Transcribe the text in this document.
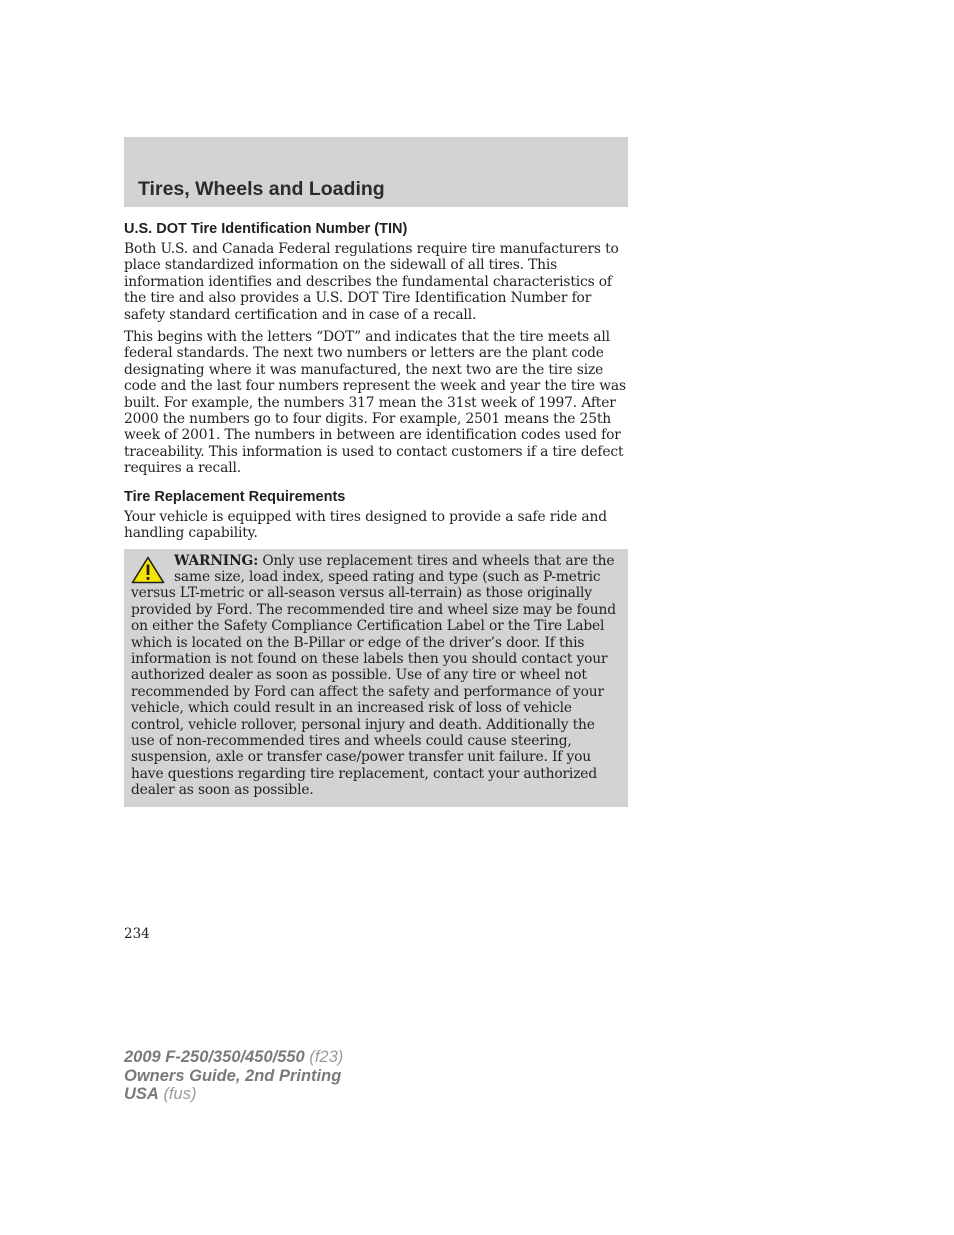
Tires, Wheels and Loading
U.S. DOT Tire Identification Number (TIN)

Both U.S. and Canada Federal regulations require tire manufacturers to place standardized information on the sidewall of all tires. This information identifies and describes the fundamental characteristics of the tire and also provides a U.S. DOT Tire Identification Number for safety standard certification and in case of a recall.

This begins with the letters “DOT” and indicates that the tire meets all federal standards. The next two numbers or letters are the plant code designating where it was manufactured, the next two are the tire size code and the last four numbers represent the week and year the tire was built. For example, the numbers 317 mean the 31st week of 1997. After 2000 the numbers go to four digits. For example, 2501 means the 25th week of 2001. The numbers in between are identification codes used for traceability. This information is used to contact customers if a tire defect requires a recall.

Tire Replacement Requirements

Your vehicle is equipped with tires designed to provide a safe ride and handling capability.

WARNING: Only use replacement tires and wheels that are the same size, load index, speed rating and type (such as P-metric versus LT-metric or all-season versus all-terrain) as those originally provided by Ford. The recommended tire and wheel size may be found on either the Safety Compliance Certification Label or the Tire Label which is located on the B-Pillar or edge of the driver’s door. If this information is not found on these labels then you should contact your authorized dealer as soon as possible. Use of any tire or wheel not recommended by Ford can affect the safety and performance of your vehicle, which could result in an increased risk of loss of vehicle control, vehicle rollover, personal injury and death. Additionally the use of non-recommended tires and wheels could cause steering, suspension, axle or transfer case/power transfer unit failure. If you have questions regarding tire replacement, contact your authorized dealer as soon as possible.

234
2009 F-250/350/450/550 (f23)
Owners Guide, 2nd Printing
USA (fus)
